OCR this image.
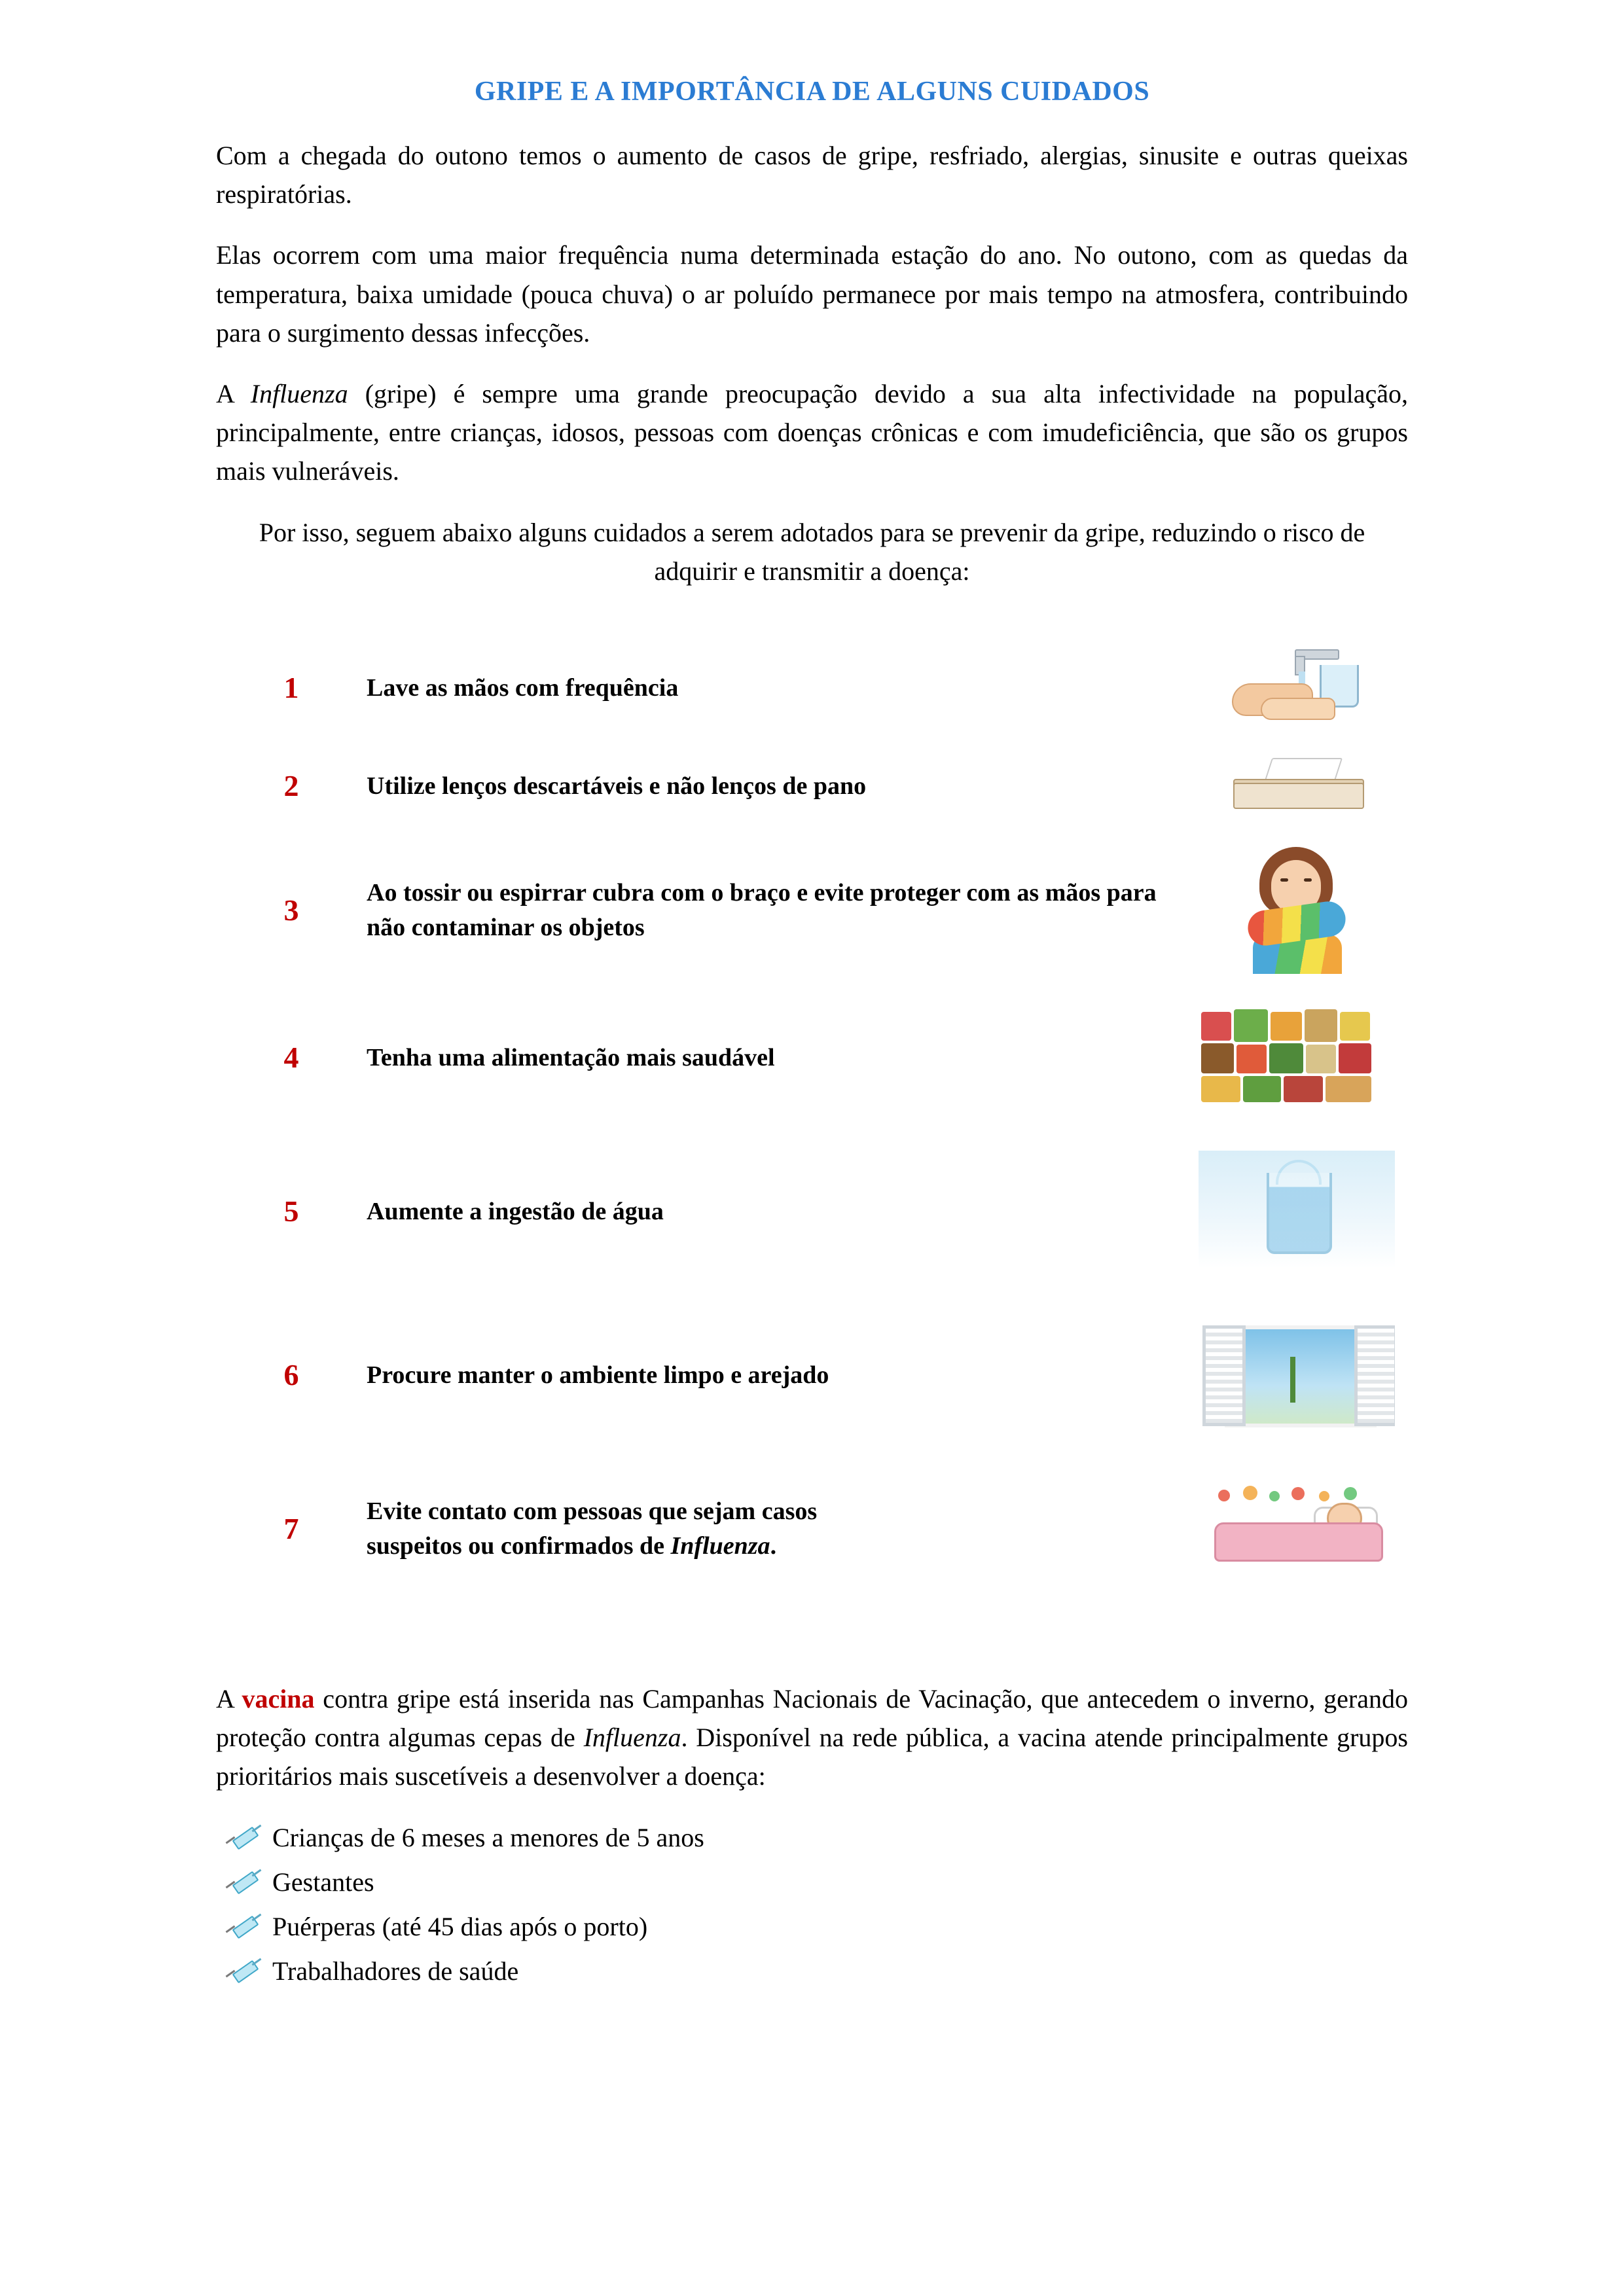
GRIPE E A IMPORTÂNCIA DE ALGUNS CUIDADOS

Com a chegada do outono temos o aumento de casos de gripe, resfriado, alergias, sinusite e outras queixas respiratórias.

Elas ocorrem com uma maior frequência numa determinada estação do ano. No outono, com as quedas da temperatura, baixa umidade (pouca chuva) o ar poluído permanece por mais tempo na atmosfera, contribuindo para o surgimento dessas infecções.

A Influenza (gripe) é sempre uma grande preocupação devido a sua alta infectividade na população, principalmente, entre crianças, idosos, pessoas com doenças crônicas e com imudeficiência, que são os grupos mais vulneráveis.

Por isso, seguem abaixo alguns cuidados a serem adotados para se prevenir da gripe, reduzindo o risco de adquirir e transmitir a doença:

1	Lave as mãos com frequência	

2	Utilize lenços descartáveis e não lenços de pano	

3	Ao tossir ou espirrar cubra com o braço e evite proteger com as mãos para não contaminar os objetos	

4	Tenha uma alimentação mais saudável	

5	Aumente a ingestão de água	

6	Procure manter o ambiente limpo e arejado	

7	Evite contato com pessoas que sejam casos
suspeitos ou confirmados de Influenza.	

A vacina contra gripe está inserida nas Campanhas Nacionais de Vacinação, que antecedem o inverno, gerando proteção contra algumas cepas de Influenza. Disponível na rede pública, a vacina atende principalmente grupos prioritários mais suscetíveis a desenvolver a doença:

Crianças de 6 meses a menores de 5 anos
Gestantes
Puérperas (até 45 dias após o porto)
Trabalhadores de saúde
